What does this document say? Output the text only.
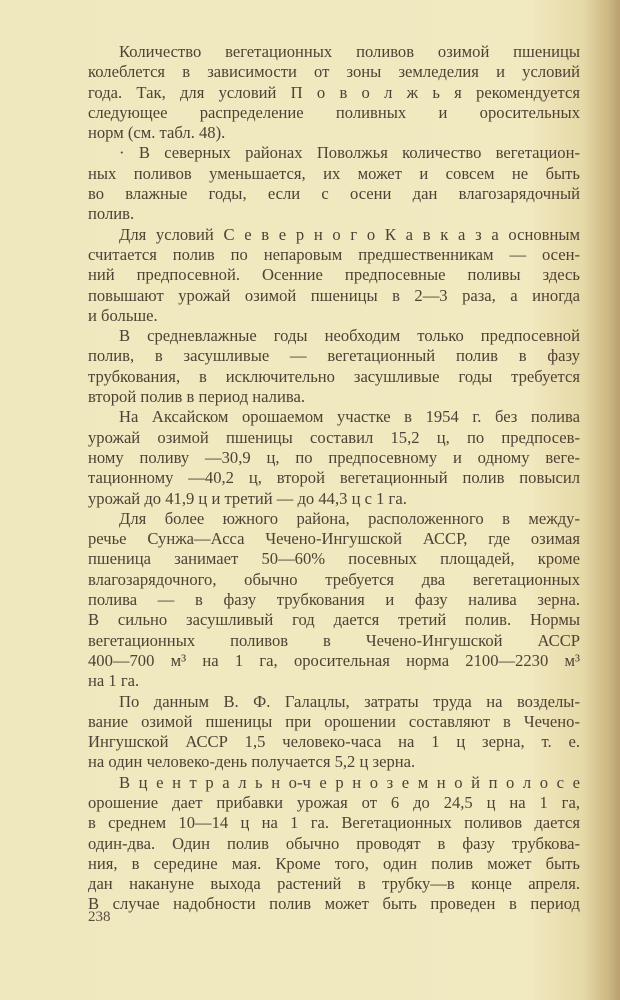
Количество вегетационных поливов озимой пшеницы
колеблется в зависимости от зоны земледелия и условий
года. Так, для условий П о в о л ж ь я рекомендуется
следующее распределение поливных и оросительных
норм (см. табл. 48).
· В северных районах Поволжья количество вегетацион-
ных поливов уменьшается, их может и совсем не быть
во влажные годы, если с осени дан влагозарядочный
полив.
Для условий С е в е р н о г о К а в к а з а основным
считается полив по непаровым предшественникам — осен-
ний предпосевной. Осенние предпосевные поливы здесь
повышают урожай озимой пшеницы в 2—3 раза, а иногда
и больше.
В средневлажные годы необходим только предпосевной
полив, в засушливые — вегетационный полив в фазу
трубкования, в исключительно засушливые годы требуется
второй полив в период налива.
На Аксайском орошаемом участке в 1954 г. без полива
урожай озимой пшеницы составил 15,2 ц, по предпосев-
ному поливу —30,9 ц, по предпосевному и одному веге-
тационному —40,2 ц, второй вегетационный полив повысил
урожай до 41,9 ц и третий — до 44,3 ц с 1 га.
Для более южного района, расположенного в между-
речье Сунжа—Асса Чечено-Ингушской АССР, где озимая
пшеница занимает 50—60% посевных площадей, кроме
влагозарядочного, обычно требуется два вегетационных
полива — в фазу трубкования и фазу налива зерна.
В сильно засушливый год дается третий полив. Нормы
вегетационных поливов в Чечено-Ингушской АССР
400—700 м³ на 1 га, оросительная норма 2100—2230 м³
на 1 га.
По данным В. Ф. Галацлы, затраты труда на возделы-
вание озимой пшеницы при орошении составляют в Чечено-
Ингушской АССР 1,5 человеко-часа на 1 ц зерна, т. е.
на один человеко-день получается 5,2 ц зерна.
В ц е н т р а л ь н о-ч е р н о з е м н о й п о л о с е
орошение дает прибавки урожая от 6 до 24,5 ц на 1 га,
в среднем 10—14 ц на 1 га. Вегетационных поливов дается
один-два. Один полив обычно проводят в фазу трубкова-
ния, в середине мая. Кроме того, один полив может быть
дан накануне выхода растений в трубку—в конце апреля.
В случае надобности полив может быть проведен в период
238
